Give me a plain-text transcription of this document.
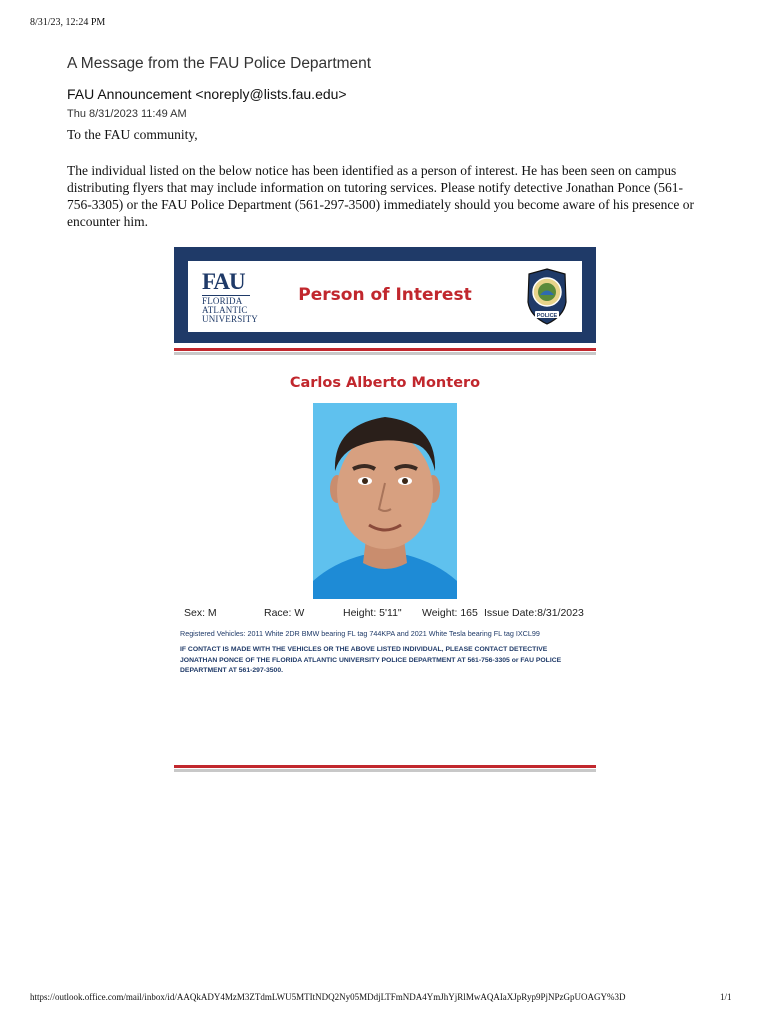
8/31/23, 12:24 PM
A Message from the FAU Police Department
FAU Announcement <noreply@lists.fau.edu>
Thu 8/31/2023 11:49 AM
To the FAU community,
The individual listed on the below notice has been identified as a person of interest. He has been seen on campus distributing flyers that may include information on tutoring services. Please notify detective Jonathan Ponce (561-756-3305) or the FAU Police Department (561-297-3500) immediately should you become aware of his presence or encounter him.
FAU
FLORIDA
ATLANTIC
UNIVERSITY
Person of Interest
POLICE
Carlos Alberto Montero
Sex: M	Race: W	Height: 5'11" Weight: 165 Issue Date:8/31/2023
Registered Vehicles: 2011 White 2DR BMW bearing FL tag 744KPA and 2021 White Tesla bearing FL tag IXCL99
IF CONTACT IS MADE WITH THE VEHICLES OR THE ABOVE LISTED INDIVIDUAL, PLEASE CONTACT DETECTIVE JONATHAN PONCE OF THE FLORIDA ATLANTIC UNIVERSITY POLICE DEPARTMENT AT 561-756-3305 or FAU POLICE DEPARTMENT AT 561-297-3500.
https://outlook.office.com/mail/inbox/id/AAQkADY4MzM3ZTdmLWU5MTItNDQ2Ny05MDdjLTFmNDA4YmJhYjRlMwAQAIaXJpRyp9PjNPzGpUOAGY%3D	1/1
